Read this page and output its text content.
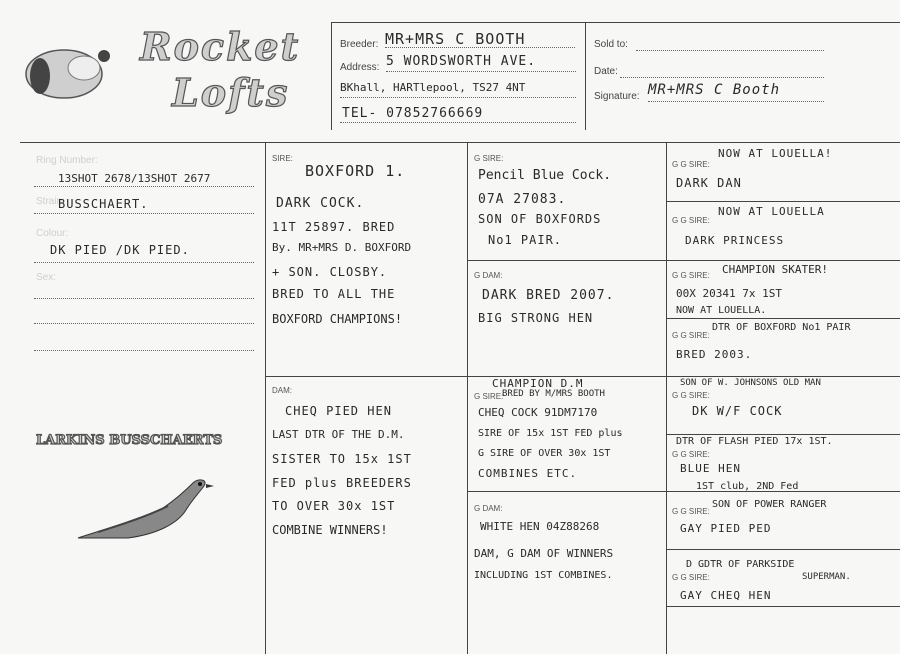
Rocket
Lofts
Breeder: MR+MRS C BOOTH
Address: 5 WORDSWORTH AVE.
BKhall, HARTlepool, TS27 4NT
TEL- 07852766669
Sold to:
Date:
Signature: MR+MRS C Booth
Ring Number:
13SHOT 2678/13SHOT 2677
Strain:
BUSSCHAERT.
Colour:
DK PIED /DK PIED.
Sex:
LARKINS BUSSCHAERTS
SIRE:
BOXFORD 1.
DARK COCK.
11T 25897. BRED
By. MR+MRS D. BOXFORD
+ SON. CLOSBY.
BRED TO ALL THE
BOXFORD CHAMPIONS!
DAM:
CHEQ PIED HEN
LAST DTR OF THE D.M.
SISTER TO 15x 1ST
FED plus BREEDERS
TO OVER 30x 1ST
COMBINE WINNERS!
G SIRE:
Pencil Blue Cock.
07A 27083.
SON OF BOXFORDS
No1 PAIR.
G DAM:
DARK BRED 2007.
BIG STRONG HEN
CHAMPION D.M
G SIRE:
BRED BY M/MRS BOOTH
CHEQ COCK 91DM7170
SIRE OF 15x 1ST FED plus
G SIRE OF OVER 30x 1ST
COMBINES ETC.
G DAM:
WHITE HEN 04Z88268
DAM, G DAM OF WINNERS
INCLUDING 1ST COMBINES.
G G SIRE:
NOW AT LOUELLA!
DARK DAN
G G SIRE:
NOW AT LOUELLA
DARK PRINCESS
G G SIRE: CHAMPION SKATER!
00X 20341 7x 1ST
NOW AT LOUELLA.
G G SIRE:
DTR OF BOXFORD No1 PAIR
BRED 2003.
G G SIRE:
SON OF W. JOHNSONS OLD MAN
DK W/F COCK
G G SIRE:
DTR OF FLASH PIED 17x 1ST.
BLUE HEN
1ST club, 2ND Fed
G G SIRE:
SON OF POWER RANGER
GAY PIED PED
G G SIRE:
D GDTR OF PARKSIDE
SUPERMAN.
GAY CHEQ HEN
